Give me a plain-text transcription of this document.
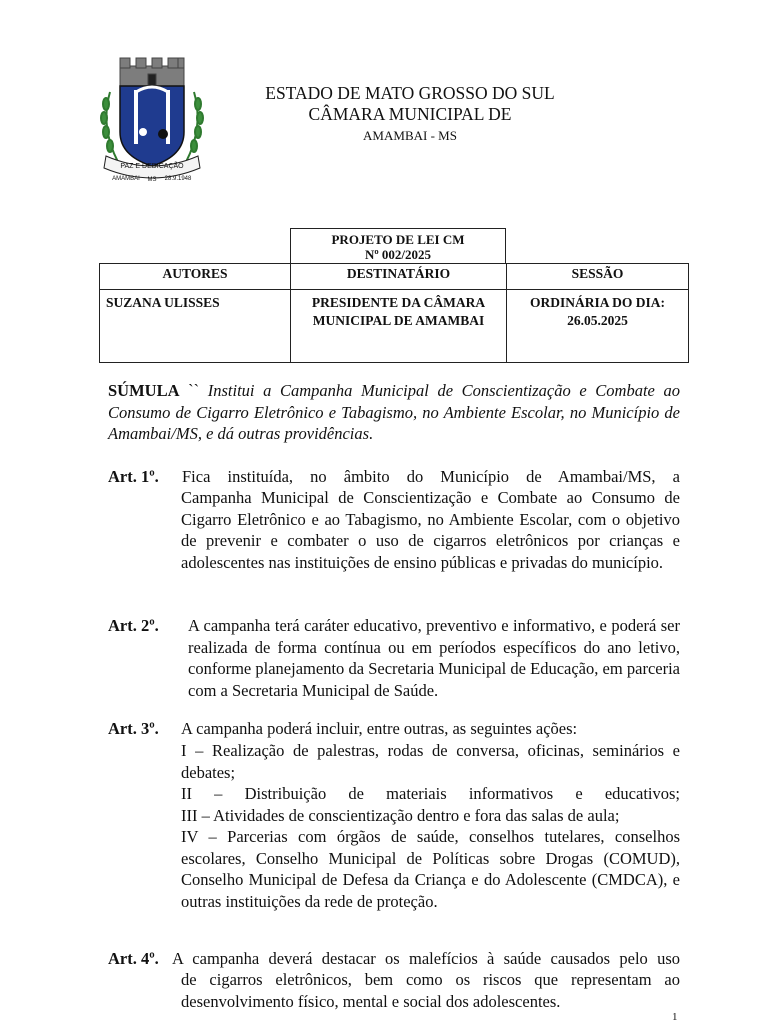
PAZ E DEDICAÇÃO
AMAMBAI MS 28.9.1948
ESTADO DE MATO GROSSO DO SUL
CÂMARA MUNICIPAL DE
AMAMBAI - MS
PROJETO DE LEI CM
Nº 002/2025
AUTORES	DESTINATÁRIO	SESSÃO
SUZANA ULISSES	PRESIDENTE DA CÂMARA MUNICIPAL DE AMAMBAI	ORDINÁRIA DO DIA: 26.05.2025
SÚMULA `` Institui a Campanha Municipal de Conscientização e Combate ao Consumo de Cigarro Eletrônico e Tabagismo, no Ambiente Escolar, no Município de Amambai/MS, e dá outras providências.
Art. 1º. Fica instituída, no âmbito do Município de Amambai/MS, a
Campanha Municipal de Conscientização e Combate ao Consumo de Cigarro Eletrônico e ao Tabagismo, no Ambiente Escolar, com o objetivo de prevenir e combater o uso de cigarros eletrônicos por crianças e adolescentes nas instituições de ensino públicas e privadas do município.
Art. 2º. A campanha terá caráter educativo, preventivo e informativo, e poderá ser realizada de forma contínua ou em períodos específicos do ano letivo, conforme planejamento da Secretaria Municipal de Educação, em parceria com a Secretaria Municipal de Saúde.
Art. 3º. A campanha poderá incluir, entre outras, as seguintes ações:
I – Realização de palestras, rodas de conversa, oficinas, seminários e debates;
II – Distribuição de materiais informativos e educativos;
III – Atividades de conscientização dentro e fora das salas de aula;
IV – Parcerias com órgãos de saúde, conselhos tutelares, conselhos escolares, Conselho Municipal de Políticas sobre Drogas (COMUD), Conselho Municipal de Defesa da Criança e do Adolescente (CMDCA), e outras instituições da rede de proteção.
Art. 4º. A campanha deverá destacar os malefícios à saúde causados pelo uso
de cigarros eletrônicos, bem como os riscos que representam ao desenvolvimento físico, mental e social dos adolescentes.
1
